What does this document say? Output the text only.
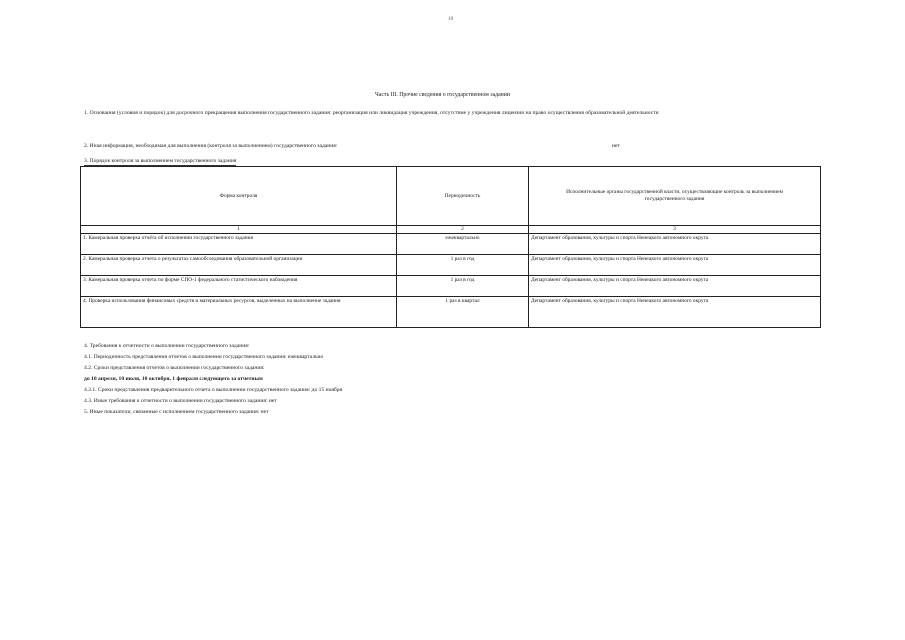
10
Часть III. Прочие сведения о государственном задании
1. Основания (условия и порядок) для досрочного прекращения выполнения государственного задания: реорганизация или ликвидация учреждения, отсутствие у учреждения лицензии на право осуществления образовательной деятельности
2. Иная информация, необходимая для выполнения (контроля за выполнением) государственного задания:	нет
3. Порядок контроля за выполнением государственного задания
Форма контроля	Периодичность	Исполнительные органы государственной власти, осуществляющие контроль за выполнением государственного задания
1	2	3
1. Камеральная проверка отчёта об исполнении государственного задания	ежеквартально	Департамент образования, культуры и спорта Ненецкого автономного округа
2. Камеральная проверка отчета о результатах самообследования образовательной организации	1 раз в год	Департамент образования, культуры и спорта Ненецкого автономного округа
3. Камеральная проверка отчета по форме СПО-1 федерального статистического наблюдения	1 раз в год	Департамент образования, культуры и спорта Ненецкого автономного округа
4. Проверка использования финансовых средств и материальных ресурсов, выделенных на выполнение задания	1 раз в квартал	Департамент образования, культуры и спорта Ненецкого автономного округа
4. Требования к отчетности о выполнении государственного задания:
4.1. Периодичность представления отчетов о выполнении государственного задания: ежеквартально
4.2. Сроки представления отчетов о выполнении государственного задания:
до 10 апреля, 10 июля, 10 октября, 1 февраля следующего за отчетным
4.2.1. Сроки представления предварительного отчета о выполнении государственного задания: до 15 ноября
4.3. Иные требования к отчетности о выполнении государственного задания: нет
5. Иные показатели, связанные с исполнением государственного задания: нет
